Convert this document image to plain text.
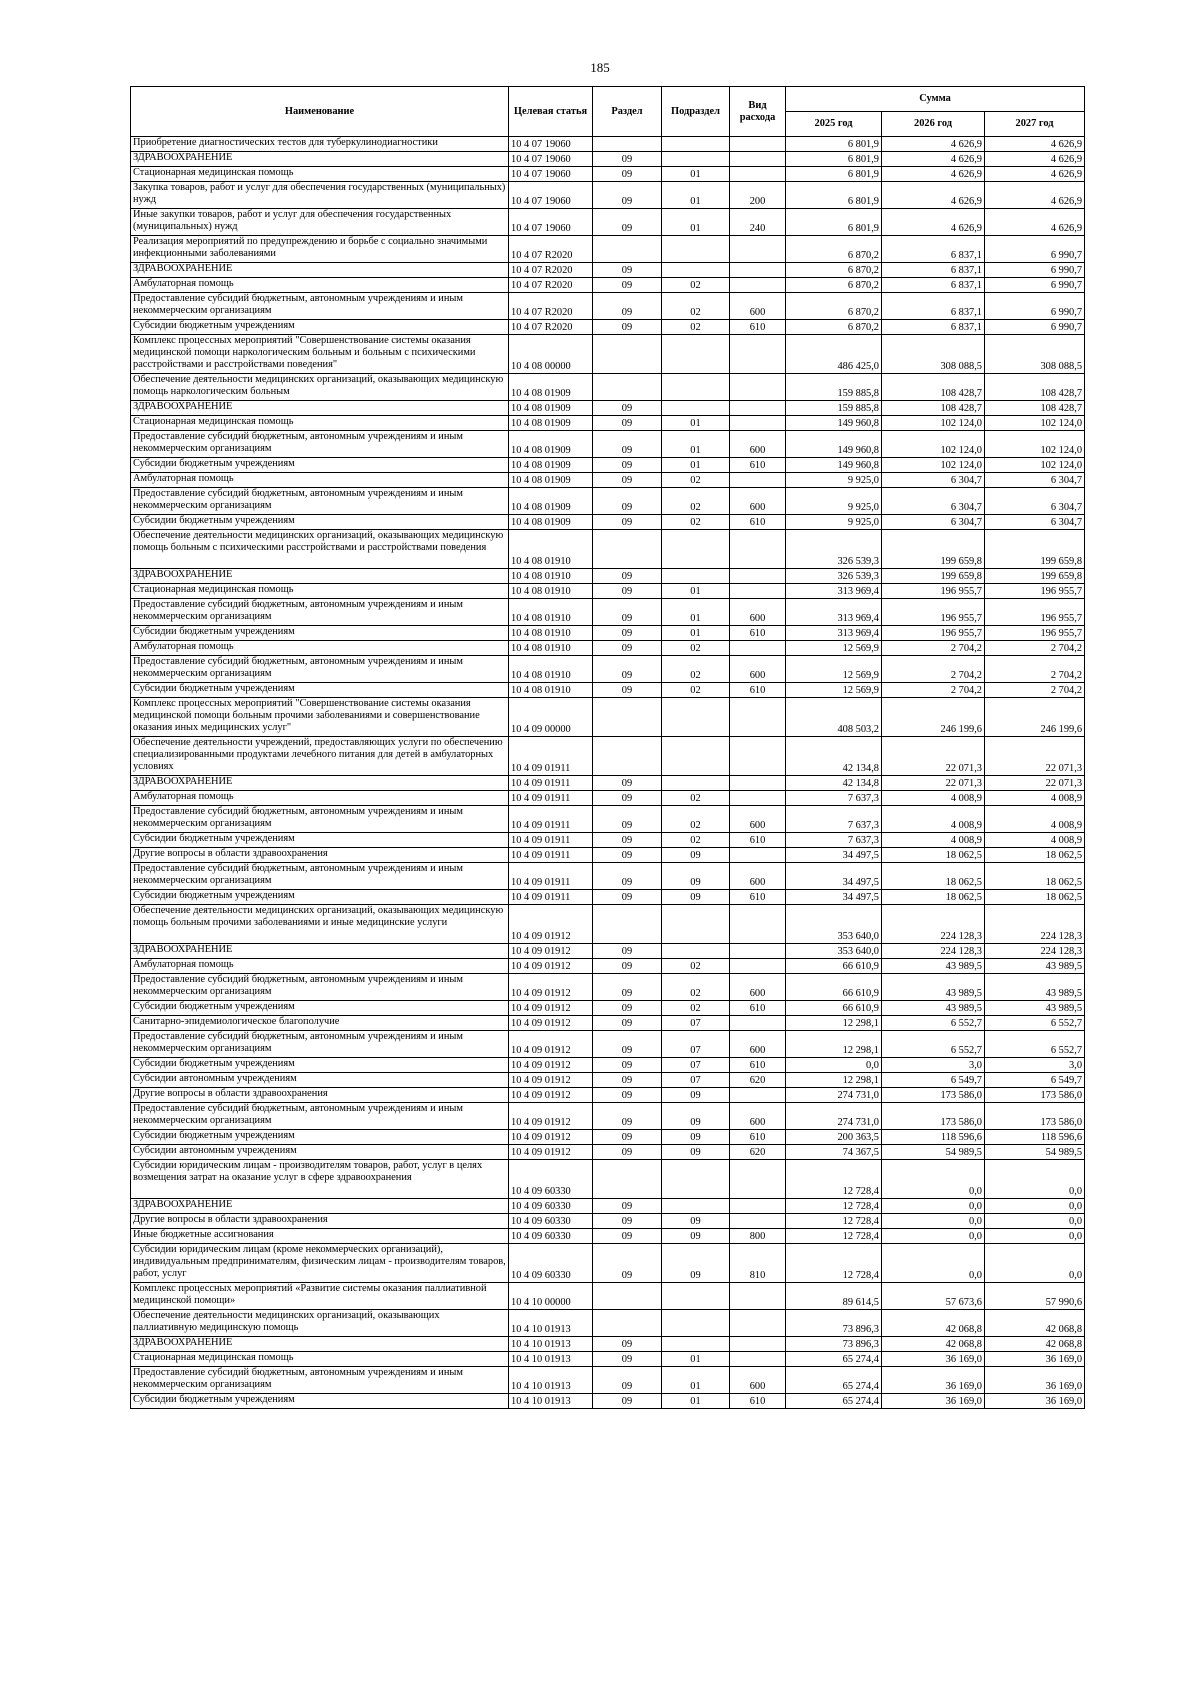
185
Наименование	Целевая статья	Раздел	Подраздел	Вид расхода	Сумма		
					2025 год	2026 год	2027 год
Приобретение диагностических тестов для туберкулинодиагностики	10 4 07 19060				6 801,9	4 626,9	4 626,9
ЗДРАВООХРАНЕНИЕ	10 4 07 19060	09			6 801,9	4 626,9	4 626,9
Стационарная медицинская помощь	10 4 07 19060	09	01		6 801,9	4 626,9	4 626,9
Закупка товаров, работ и услуг для обеспечения государственных (муниципальных) нужд	10 4 07 19060	09	01	200	6 801,9	4 626,9	4 626,9
Иные закупки товаров, работ и услуг для обеспечения государственных (муниципальных) нужд	10 4 07 19060	09	01	240	6 801,9	4 626,9	4 626,9
Реализация мероприятий по предупреждению и борьбе с социально значимыми инфекционными заболеваниями	10 4 07 R2020				6 870,2	6 837,1	6 990,7
ЗДРАВООХРАНЕНИЕ	10 4 07 R2020	09			6 870,2	6 837,1	6 990,7
Амбулаторная помощь	10 4 07 R2020	09	02		6 870,2	6 837,1	6 990,7
Предоставление субсидий бюджетным, автономным учреждениям и иным некоммерческим организациям	10 4 07 R2020	09	02	600	6 870,2	6 837,1	6 990,7
Субсидии бюджетным учреждениям	10 4 07 R2020	09	02	610	6 870,2	6 837,1	6 990,7
Комплекс процессных мероприятий "Совершенствование системы оказания медицинской помощи наркологическим больным и больным с психическими расстройствами и расстройствами поведения"	10 4 08 00000				486 425,0	308 088,5	308 088,5
Обеспечение деятельности медицинских организаций, оказывающих медицинскую помощь наркологическим больным	10 4 08 01909				159 885,8	108 428,7	108 428,7
ЗДРАВООХРАНЕНИЕ	10 4 08 01909	09			159 885,8	108 428,7	108 428,7
Стационарная медицинская помощь	10 4 08 01909	09	01		149 960,8	102 124,0	102 124,0
Предоставление субсидий бюджетным, автономным учреждениям и иным некоммерческим организациям	10 4 08 01909	09	01	600	149 960,8	102 124,0	102 124,0
Субсидии бюджетным учреждениям	10 4 08 01909	09	01	610	149 960,8	102 124,0	102 124,0
Амбулаторная помощь	10 4 08 01909	09	02		9 925,0	6 304,7	6 304,7
Предоставление субсидий бюджетным, автономным учреждениям и иным некоммерческим организациям	10 4 08 01909	09	02	600	9 925,0	6 304,7	6 304,7
Субсидии бюджетным учреждениям	10 4 08 01909	09	02	610	9 925,0	6 304,7	6 304,7
Обеспечение деятельности медицинских организаций, оказывающих медицинскую помощь больным с психическими расстройствами и расстройствами поведения	10 4 08 01910				326 539,3	199 659,8	199 659,8
ЗДРАВООХРАНЕНИЕ	10 4 08 01910	09			326 539,3	199 659,8	199 659,8
Стационарная медицинская помощь	10 4 08 01910	09	01		313 969,4	196 955,7	196 955,7
Предоставление субсидий бюджетным, автономным учреждениям и иным некоммерческим организациям	10 4 08 01910	09	01	600	313 969,4	196 955,7	196 955,7
Субсидии бюджетным учреждениям	10 4 08 01910	09	01	610	313 969,4	196 955,7	196 955,7
Амбулаторная помощь	10 4 08 01910	09	02		12 569,9	2 704,2	2 704,2
Предоставление субсидий бюджетным, автономным учреждениям и иным некоммерческим организациям	10 4 08 01910	09	02	600	12 569,9	2 704,2	2 704,2
Субсидии бюджетным учреждениям	10 4 08 01910	09	02	610	12 569,9	2 704,2	2 704,2
Комплекс процессных мероприятий "Совершенствование системы оказания медицинской помощи больным прочими заболеваниями и совершенствование оказания иных медицинских услуг"	10 4 09 00000				408 503,2	246 199,6	246 199,6
Обеспечение деятельности учреждений, предоставляющих услуги по обеспечению специализированными продуктами лечебного питания для детей в амбулаторных условиях	10 4 09 01911				42 134,8	22 071,3	22 071,3
ЗДРАВООХРАНЕНИЕ	10 4 09 01911	09			42 134,8	22 071,3	22 071,3
Амбулаторная помощь	10 4 09 01911	09	02		7 637,3	4 008,9	4 008,9
Предоставление субсидий бюджетным, автономным учреждениям и иным некоммерческим организациям	10 4 09 01911	09	02	600	7 637,3	4 008,9	4 008,9
Субсидии бюджетным учреждениям	10 4 09 01911	09	02	610	7 637,3	4 008,9	4 008,9
Другие вопросы в области здравоохранения	10 4 09 01911	09	09		34 497,5	18 062,5	18 062,5
Предоставление субсидий бюджетным, автономным учреждениям и иным некоммерческим организациям	10 4 09 01911	09	09	600	34 497,5	18 062,5	18 062,5
Субсидии бюджетным учреждениям	10 4 09 01911	09	09	610	34 497,5	18 062,5	18 062,5
Обеспечение деятельности медицинских организаций, оказывающих медицинскую помощь больным прочими заболеваниями и иные медицинские услуги	10 4 09 01912				353 640,0	224 128,3	224 128,3
ЗДРАВООХРАНЕНИЕ	10 4 09 01912	09			353 640,0	224 128,3	224 128,3
Амбулаторная помощь	10 4 09 01912	09	02		66 610,9	43 989,5	43 989,5
Предоставление субсидий бюджетным, автономным учреждениям и иным некоммерческим организациям	10 4 09 01912	09	02	600	66 610,9	43 989,5	43 989,5
Субсидии бюджетным учреждениям	10 4 09 01912	09	02	610	66 610,9	43 989,5	43 989,5
Санитарно-эпидемиологическое благополучие	10 4 09 01912	09	07		12 298,1	6 552,7	6 552,7
Предоставление субсидий бюджетным, автономным учреждениям и иным некоммерческим организациям	10 4 09 01912	09	07	600	12 298,1	6 552,7	6 552,7
Субсидии бюджетным учреждениям	10 4 09 01912	09	07	610	0,0	3,0	3,0
Субсидии автономным учреждениям	10 4 09 01912	09	07	620	12 298,1	6 549,7	6 549,7
Другие вопросы в области здравоохранения	10 4 09 01912	09	09		274 731,0	173 586,0	173 586,0
Предоставление субсидий бюджетным, автономным учреждениям и иным некоммерческим организациям	10 4 09 01912	09	09	600	274 731,0	173 586,0	173 586,0
Субсидии бюджетным учреждениям	10 4 09 01912	09	09	610	200 363,5	118 596,6	118 596,6
Субсидии автономным учреждениям	10 4 09 01912	09	09	620	74 367,5	54 989,5	54 989,5
Субсидии юридическим лицам - производителям товаров, работ, услуг в целях возмещения затрат на оказание услуг в сфере здравоохранения	10 4 09 60330				12 728,4	0,0	0,0
ЗДРАВООХРАНЕНИЕ	10 4 09 60330	09			12 728,4	0,0	0,0
Другие вопросы в области здравоохранения	10 4 09 60330	09	09		12 728,4	0,0	0,0
Иные бюджетные ассигнования	10 4 09 60330	09	09	800	12 728,4	0,0	0,0
Субсидии юридическим лицам (кроме некоммерческих организаций), индивидуальным предпринимателям, физическим лицам - производителям товаров, работ, услуг	10 4 09 60330	09	09	810	12 728,4	0,0	0,0
Комплекс процессных мероприятий «Развитие системы оказания паллиативной медицинской помощи»	10 4 10 00000				89 614,5	57 673,6	57 990,6
Обеспечение деятельности медицинских организаций, оказывающих паллиативную медицинскую помощь	10 4 10 01913				73 896,3	42 068,8	42 068,8
ЗДРАВООХРАНЕНИЕ	10 4 10 01913	09			73 896,3	42 068,8	42 068,8
Стационарная медицинская помощь	10 4 10 01913	09	01		65 274,4	36 169,0	36 169,0
Предоставление субсидий бюджетным, автономным учреждениям и иным некоммерческим организациям	10 4 10 01913	09	01	600	65 274,4	36 169,0	36 169,0
Субсидии бюджетным учреждениям	10 4 10 01913	09	01	610	65 274,4	36 169,0	36 169,0
